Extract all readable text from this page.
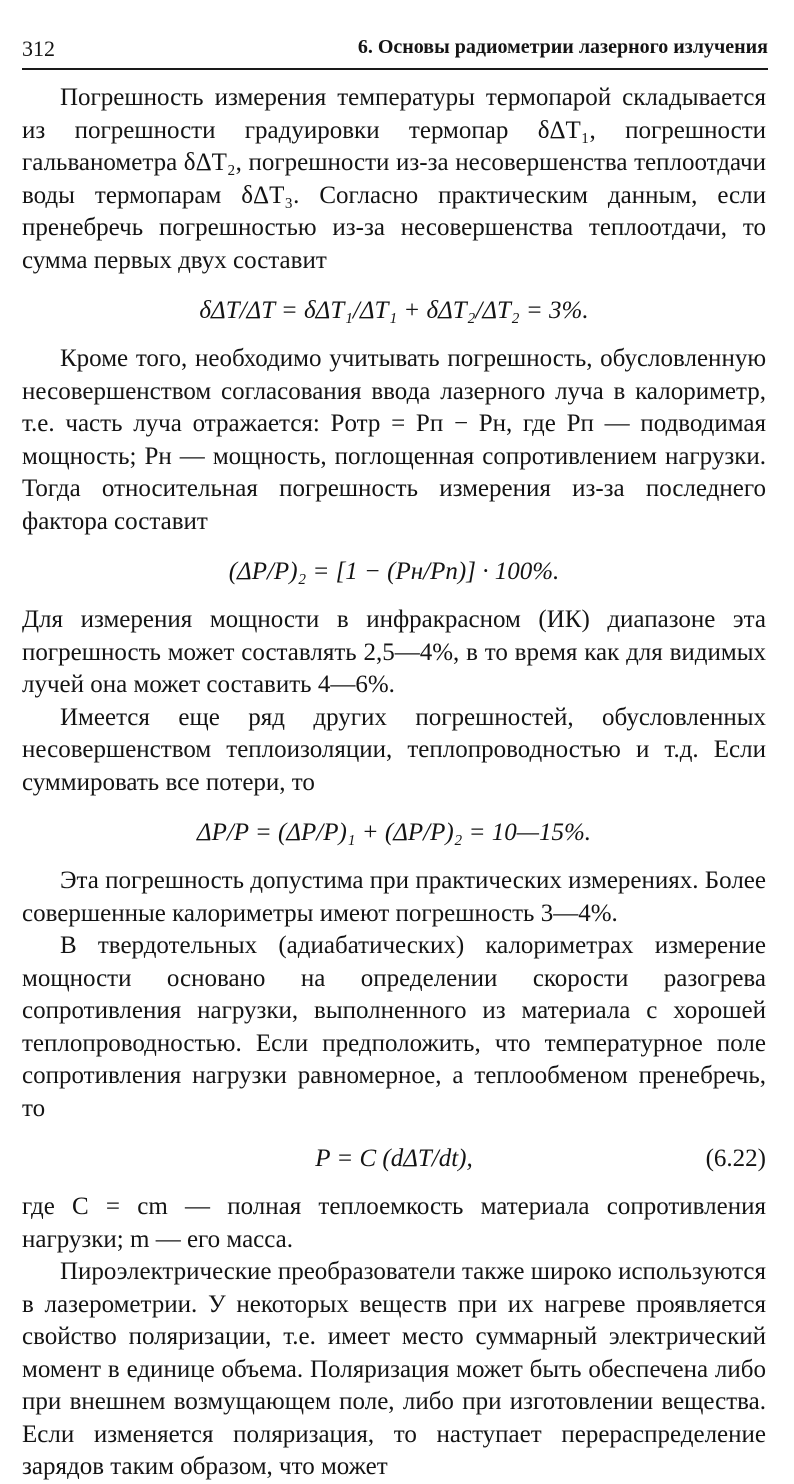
312	6. Основы радиометрии лазерного излучения

Погрешность измерения температуры термопарой складывается из погрешности градуировки термопар δΔT₁, погрешности гальванометра δΔT₂, погрешности из-за несовершенства теплоотдачи воды термопарам δΔT₃. Согласно практическим данным, если пренебречь погрешностью из-за несовершенства теплоотдачи, то сумма первых двух составит

δΔT/ΔT = δΔT₁/ΔT₁ + δΔT₂/ΔT₂ = 3%.

Кроме того, необходимо учитывать погрешность, обусловленную несовершенством согласования ввода лазерного луча в калориметр, т.е. часть луча отражается: Pотр = Pп − Pн, где Pп — подводимая мощность; Pн — мощность, поглощенная сопротивлением нагрузки. Тогда относительная погрешность измерения из-за последнего фактора составит

(ΔP/P)₂ = [1 − (Pн/Pп)] · 100%.

Для измерения мощности в инфракрасном (ИК) диапазоне эта погрешность может составлять 2,5—4%, в то время как для видимых лучей она может составить 4—6%.

Имеется еще ряд других погрешностей, обусловленных несовершенством теплоизоляции, теплопроводностью и т.д. Если суммировать все потери, то

ΔP/P = (ΔP/P)₁ + (ΔP/P)₂ = 10—15%.

Эта погрешность допустима при практических измерениях. Более совершенные калориметры имеют погрешность 3—4%.

В твердотельных (адиабатических) калориметрах измерение мощности основано на определении скорости разогрева сопротивления нагрузки, выполненного из материала с хорошей теплопроводностью. Если предположить, что температурное поле сопротивления нагрузки равномерное, а теплообменом пренебречь, то

P = C (dΔT/dt),	(6.22)

где C = cm — полная теплоемкость материала сопротивления нагрузки; m — его масса.

Пироэлектрические преобразователи также широко используются в лазерометрии. У некоторых веществ при их нагреве проявляется свойство поляризации, т.е. имеет место суммарный электрический момент в единице объема. Поляризация может быть обеспечена либо при внешнем возмущающем поле, либо при изготовлении вещества. Если изменяется поляризация, то наступает перераспределение зарядов таким образом, что может
